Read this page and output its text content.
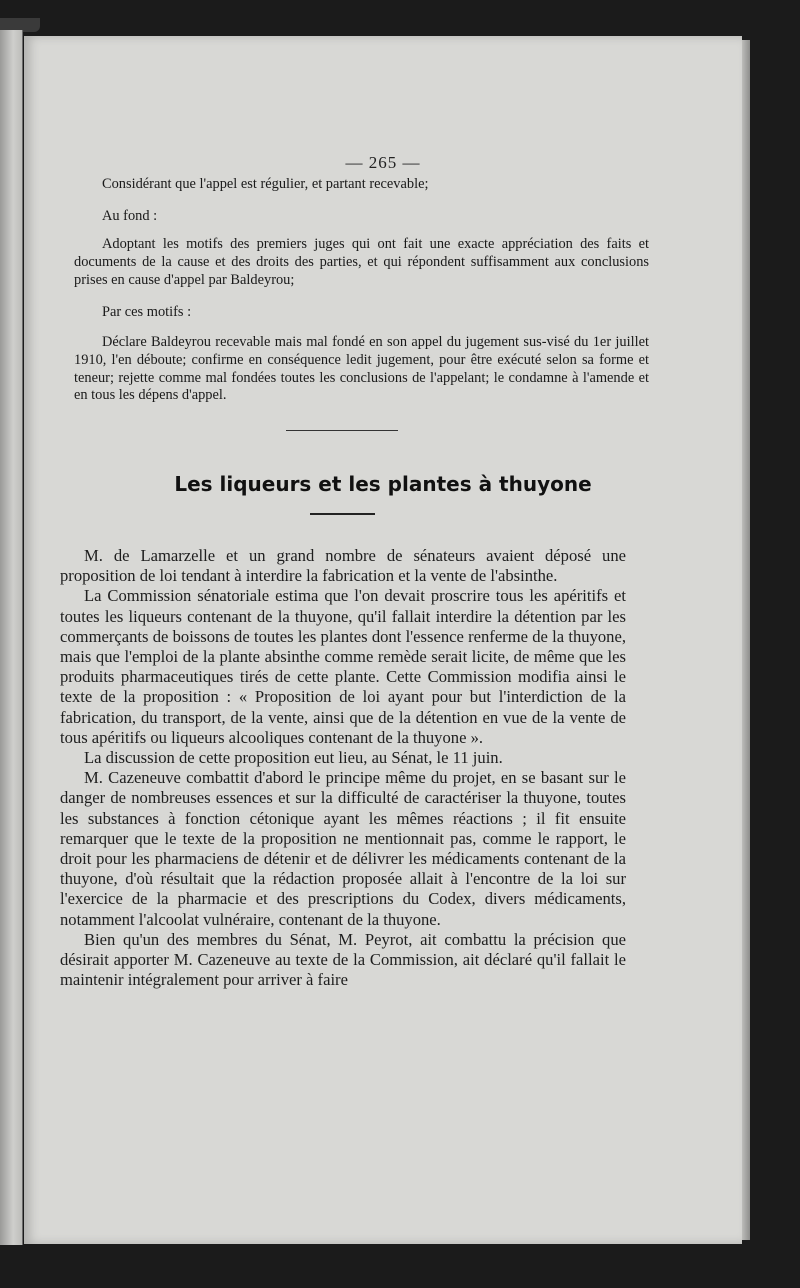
— 265 —

Considérant que l'appel est régulier, et partant recevable;

Au fond :

Adoptant les motifs des premiers juges qui ont fait une exacte appréciation des faits et documents de la cause et des droits des parties, et qui répondent suffisamment aux conclusions prises en cause d'appel par Baldeyrou;

Par ces motifs :

Déclare Baldeyrou recevable mais mal fondé en son appel du jugement sus-visé du 1er juillet 1910, l'en déboute; confirme en conséquence ledit jugement, pour être exécuté selon sa forme et teneur; rejette comme mal fondées toutes les conclusions de l'appelant; le condamne à l'amende et en tous les dépens d'appel.

Les liqueurs et les plantes à thuyone

M. de Lamarzelle et un grand nombre de sénateurs avaient déposé une proposition de loi tendant à interdire la fabrication et la vente de l'absinthe.

La Commission sénatoriale estima que l'on devait proscrire tous les apéritifs et toutes les liqueurs contenant de la thuyone, qu'il fallait interdire la détention par les commerçants de boissons de toutes les plantes dont l'essence renferme de la thuyone, mais que l'emploi de la plante absinthe comme remède serait licite, de même que les produits pharmaceutiques tirés de cette plante. Cette Commission modifia ainsi le texte de la proposition : « Proposition de loi ayant pour but l'interdiction de la fabrication, du transport, de la vente, ainsi que de la détention en vue de la vente de tous apéritifs ou liqueurs alcooliques contenant de la thuyone ».

La discussion de cette proposition eut lieu, au Sénat, le 11 juin.

M. Cazeneuve combattit d'abord le principe même du projet, en se basant sur le danger de nombreuses essences et sur la difficulté de caractériser la thuyone, toutes les substances à fonction cétonique ayant les mêmes réactions ; il fit ensuite remarquer que le texte de la proposition ne mentionnait pas, comme le rapport, le droit pour les pharmaciens de détenir et de délivrer les médicaments contenant de la thuyone, d'où résultait que la rédaction proposée allait à l'encontre de la loi sur l'exercice de la pharmacie et des prescriptions du Codex, divers médicaments, notamment l'alcoolat vulnéraire, contenant de la thuyone.

Bien qu'un des membres du Sénat, M. Peyrot, ait combattu la précision que désirait apporter M. Cazeneuve au texte de la Commission, ait déclaré qu'il fallait le maintenir intégralement pour arriver à faire
